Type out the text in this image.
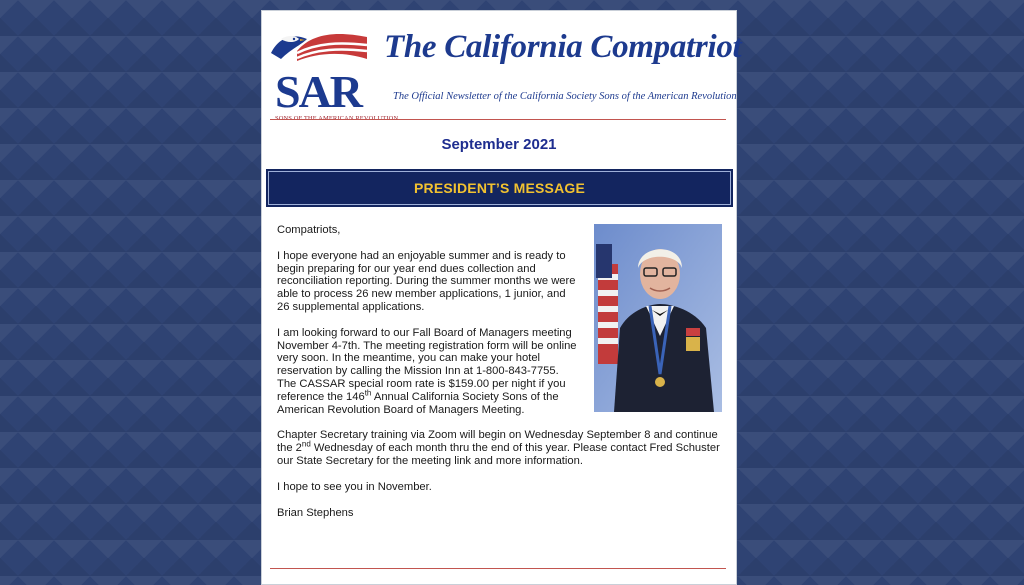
SAR
SONS OF THE AMERICAN REVOLUTION
The California Compatriot
The Official Newsletter of the California Society Sons of the American Revolution
September 2021
PRESIDENT’S MESSAGE

Compatriots,

I hope everyone had an enjoyable summer and is ready to begin preparing for our year end dues collection and reconciliation reporting. During the summer months we were able to process 26 new member applications, 1 junior, and 26 supplemental applications.

I am looking forward to our Fall Board of Managers meeting November 4-7th. The meeting registration form will be online very soon. In the meantime, you can make your hotel reservation by calling the Mission Inn at 1-800-843-7755. The CASSAR special room rate is $159.00 per night if you reference the 146th Annual California Society Sons of the American Revolution Board of Managers Meeting.

Chapter Secretary training via Zoom will begin on Wednesday September 8 and continue the 2nd Wednesday of each month thru the end of this year. Please contact Fred Schuster our State Secretary for the meeting link and more information.

I hope to see you in November.

Brian Stephens
